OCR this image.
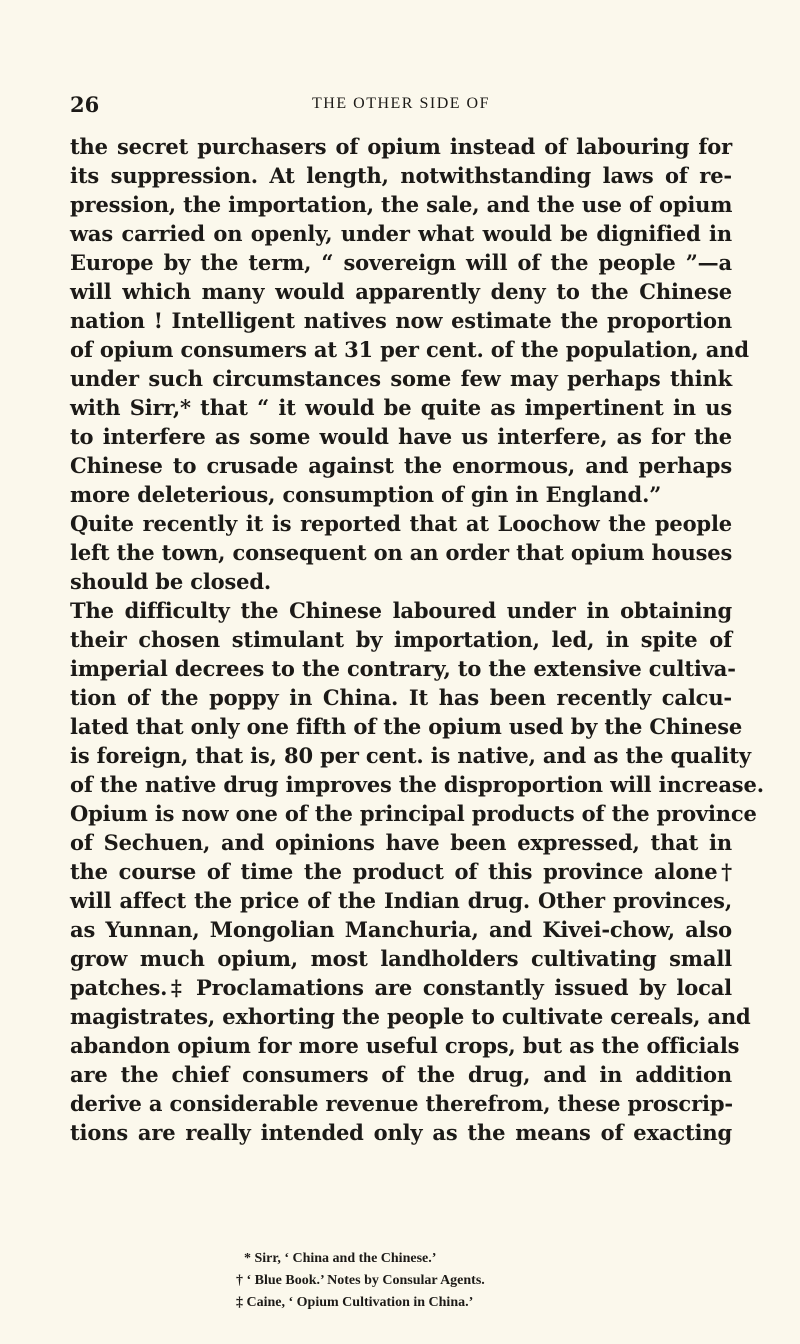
26	THE OTHER SIDE OF
the secret purchasers of opium instead of labouring for
its suppression. At length, notwithstanding laws of re-
pression, the importation, the sale, and the use of opium
was carried on openly, under what would be dignified in
Europe by the term, “ sovereign will of the people ”—a
will which many would apparently deny to the Chinese
nation ! Intelligent natives now estimate the proportion
of opium consumers at 31 per cent. of the population, and
under such circumstances some few may perhaps think
with Sirr,* that “ it would be quite as impertinent in us
to interfere as some would have us interfere, as for the
Chinese to crusade against the enormous, and perhaps
more deleterious, consumption of gin in England.”
Quite recently it is reported that at Loochow the people
left the town, consequent on an order that opium houses
should be closed.
The difficulty the Chinese laboured under in obtaining
their chosen stimulant by importation, led, in spite of
imperial decrees to the contrary, to the extensive cultiva-
tion of the poppy in China. It has been recently calcu-
lated that only one fifth of the opium used by the Chinese
is foreign, that is, 80 per cent. is native, and as the quality
of the native drug improves the disproportion will increase.
Opium is now one of the principal products of the province
of Sechuen, and opinions have been expressed, that in
the course of time the product of this province alone†
will affect the price of the Indian drug. Other provinces,
as Yunnan, Mongolian Manchuria, and Kivei-chow, also
grow much opium, most landholders cultivating small
patches.‡ Proclamations are constantly issued by local
magistrates, exhorting the people to cultivate cereals, and
abandon opium for more useful crops, but as the officials
are the chief consumers of the drug, and in addition
derive a considerable revenue therefrom, these proscrip-
tions are really intended only as the means of exacting
* Sirr, ‘ China and the Chinese.’
† ‘ Blue Book.’ Notes by Consular Agents.
‡ Caine, ‘ Opium Cultivation in China.’
